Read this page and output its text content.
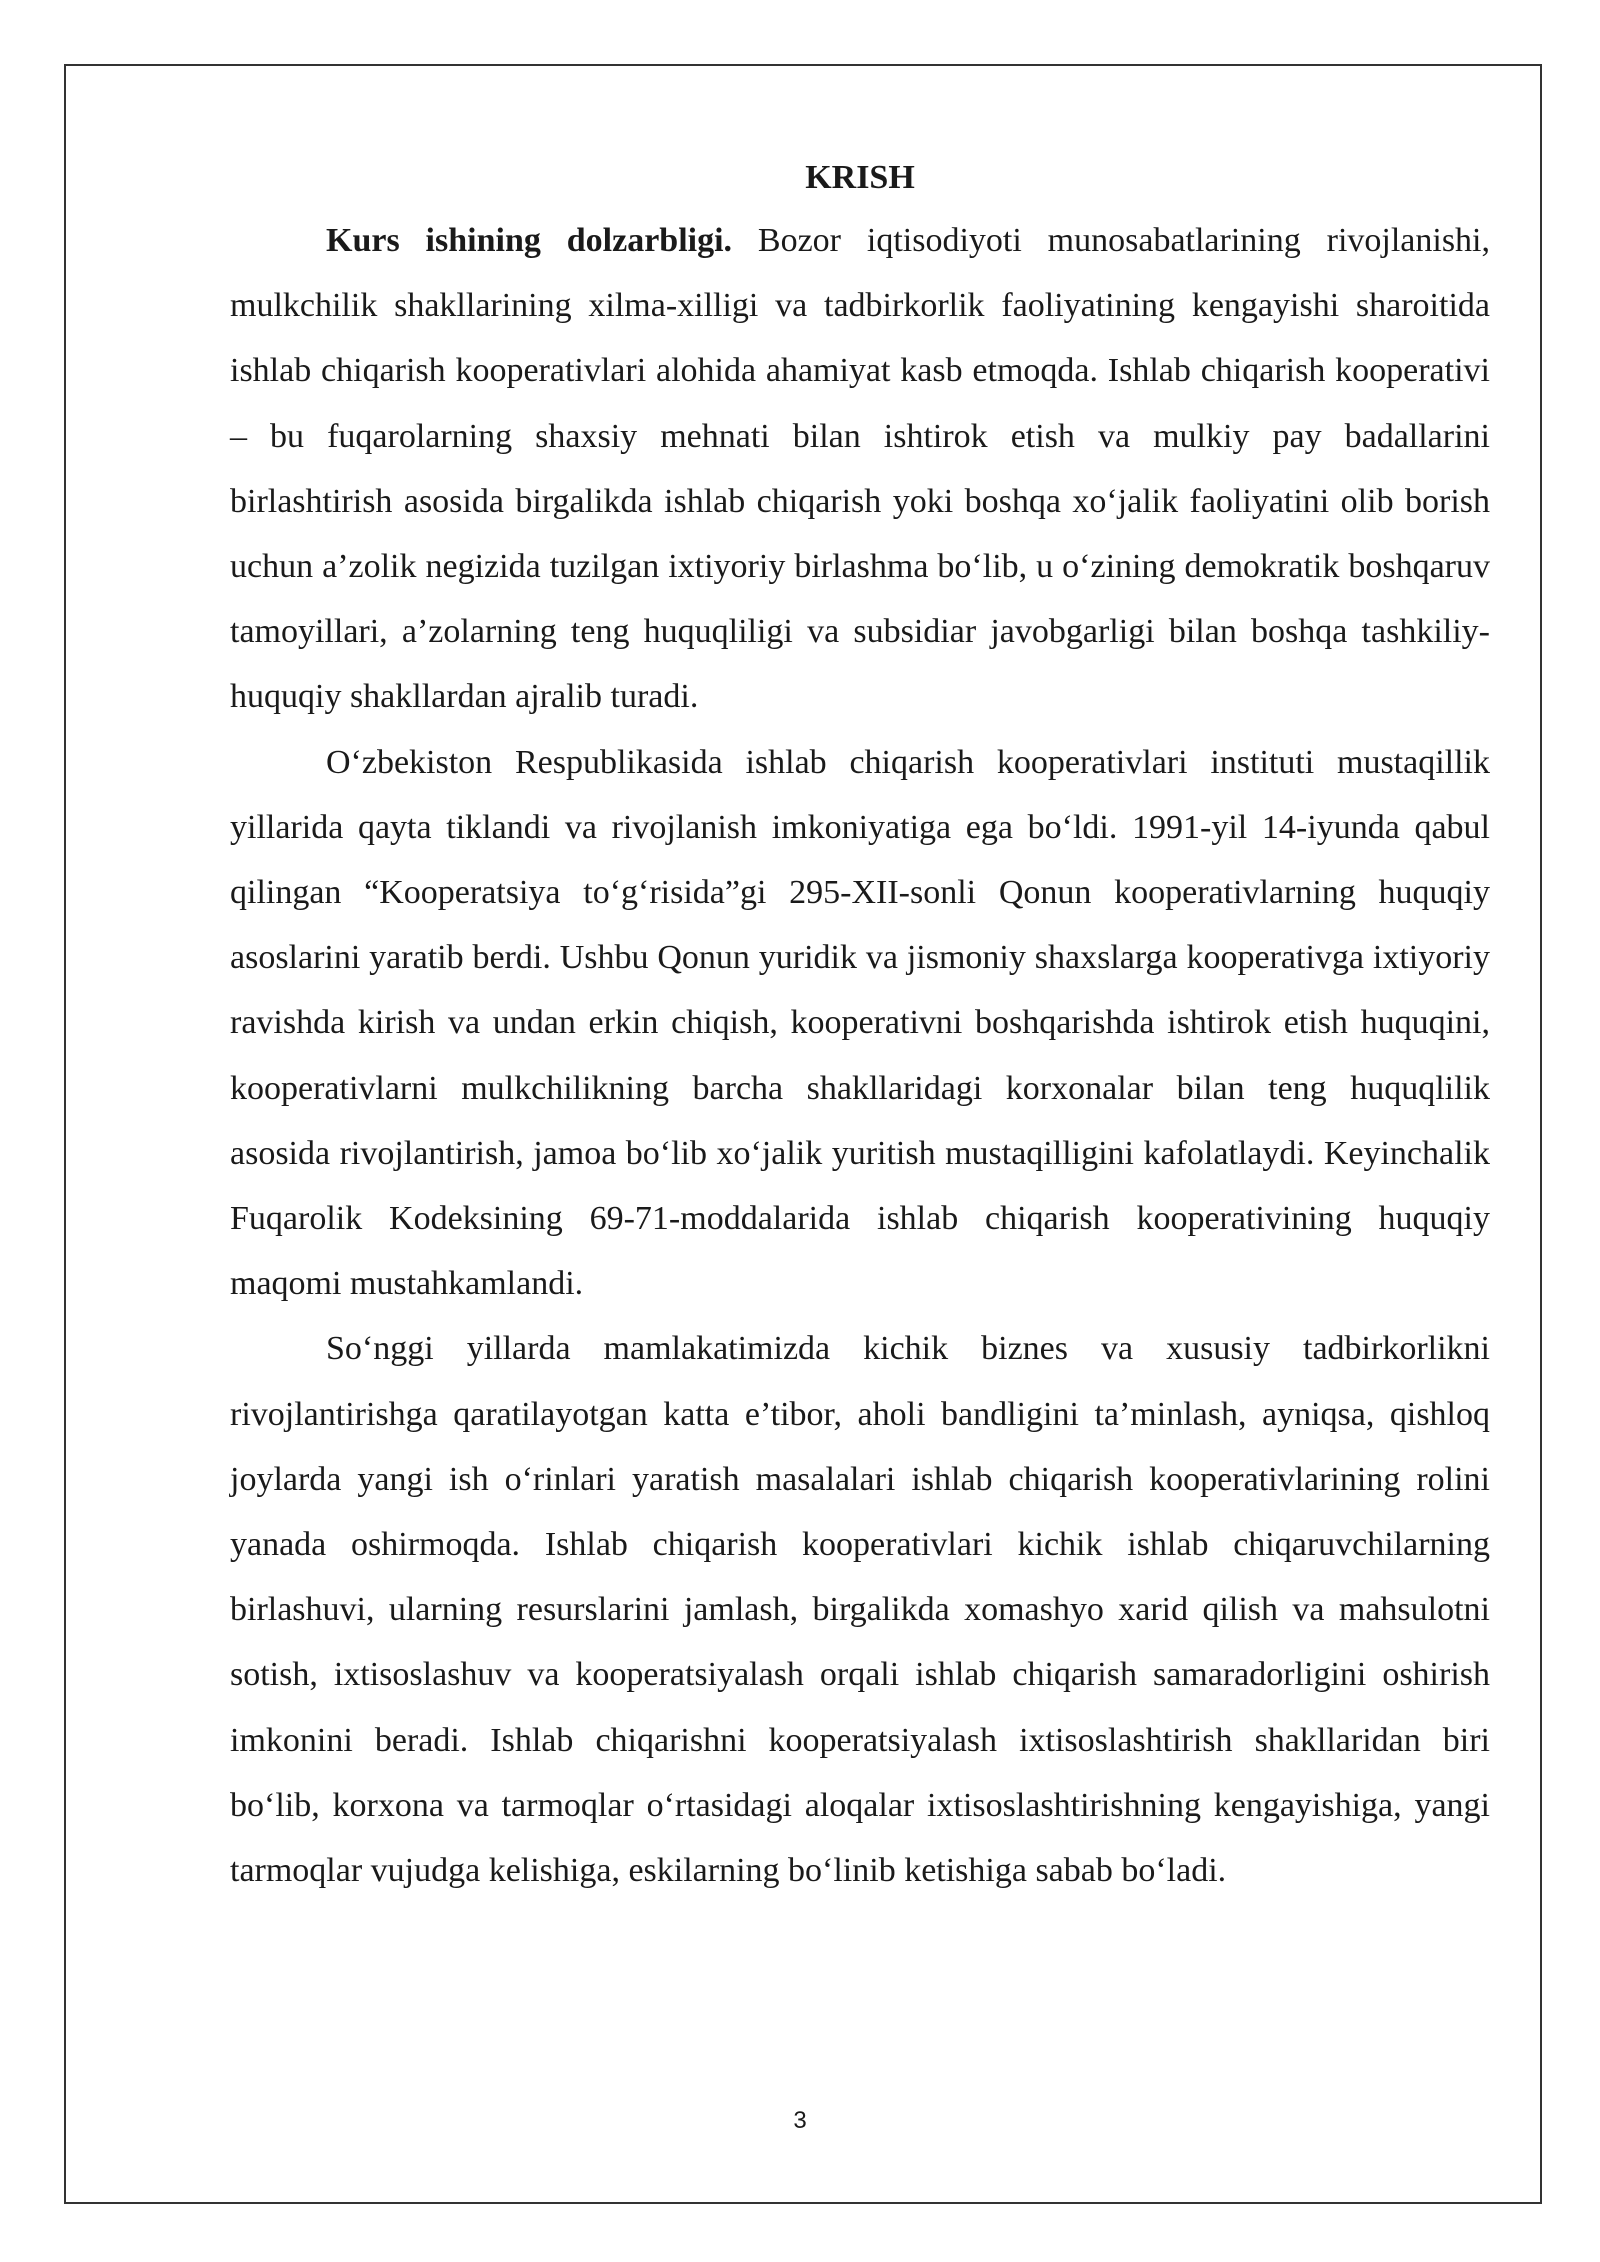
KRISH

Kurs ishining dolzarbligi. Bozor iqtisodiyoti munosabatlarining rivojlanishi, mulkchilik shakllarining xilma-xilligi va tadbirkorlik faoliyatining kengayishi sharoitida ishlab chiqarish kooperativlari alohida ahamiyat kasb etmoqda. Ishlab chiqarish kooperativi – bu fuqarolarning shaxsiy mehnati bilan ishtirok etish va mulkiy pay badallarini birlashtirish asosida birgalikda ishlab chiqarish yoki boshqa xo‘jalik faoliyatini olib borish uchun a’zolik negizida tuzilgan ixtiyoriy birlashma bo‘lib, u o‘zining demokratik boshqaruv tamoyillari, a’zolarning teng huquqliligi va subsidiar javobgarligi bilan boshqa tashkiliy-huquqiy shakllardan ajralib turadi.

O‘zbekiston Respublikasida ishlab chiqarish kooperativlari instituti mustaqillik yillarida qayta tiklandi va rivojlanish imkoniyatiga ega bo‘ldi. 1991-yil 14-iyunda qabul qilingan “Kooperatsiya to‘g‘risida”gi 295-XII-sonli Qonun kooperativlarning huquqiy asoslarini yaratib berdi. Ushbu Qonun yuridik va jismoniy shaxslarga kooperativga ixtiyoriy ravishda kirish va undan erkin chiqish, kooperativni boshqarishda ishtirok etish huquqini, kooperativlarni mulkchilikning barcha shakllaridagi korxonalar bilan teng huquqlilik asosida rivojlantirish, jamoa bo‘lib xo‘jalik yuritish mustaqilligini kafolatlaydi. Keyinchalik Fuqarolik Kodeksining 69-71-moddalarida ishlab chiqarish kooperativining huquqiy maqomi mustahkamlandi.

So‘nggi yillarda mamlakatimizda kichik biznes va xususiy tadbirkorlikni rivojlantirishga qaratilayotgan katta e’tibor, aholi bandligini ta’minlash, ayniqsa, qishloq joylarda yangi ish o‘rinlari yaratish masalalari ishlab chiqarish kooperativlarining rolini yanada oshirmoqda. Ishlab chiqarish kooperativlari kichik ishlab chiqaruvchilarning birlashuvi, ularning resurslarini jamlash, birgalikda xomashyo xarid qilish va mahsulotni sotish, ixtisoslashuv va kooperatsiyalash orqali ishlab chiqarish samaradorligini oshirish imkonini beradi. Ishlab chiqarishni kooperatsiyalash ixtisoslashtirish shakllaridan biri bo‘lib, korxona va tarmoqlar o‘rtasidagi aloqalar ixtisoslashtirishning kengayishiga, yangi tarmoqlar vujudga kelishiga, eskilarning bo‘linib ketishiga sabab bo‘ladi.

3
